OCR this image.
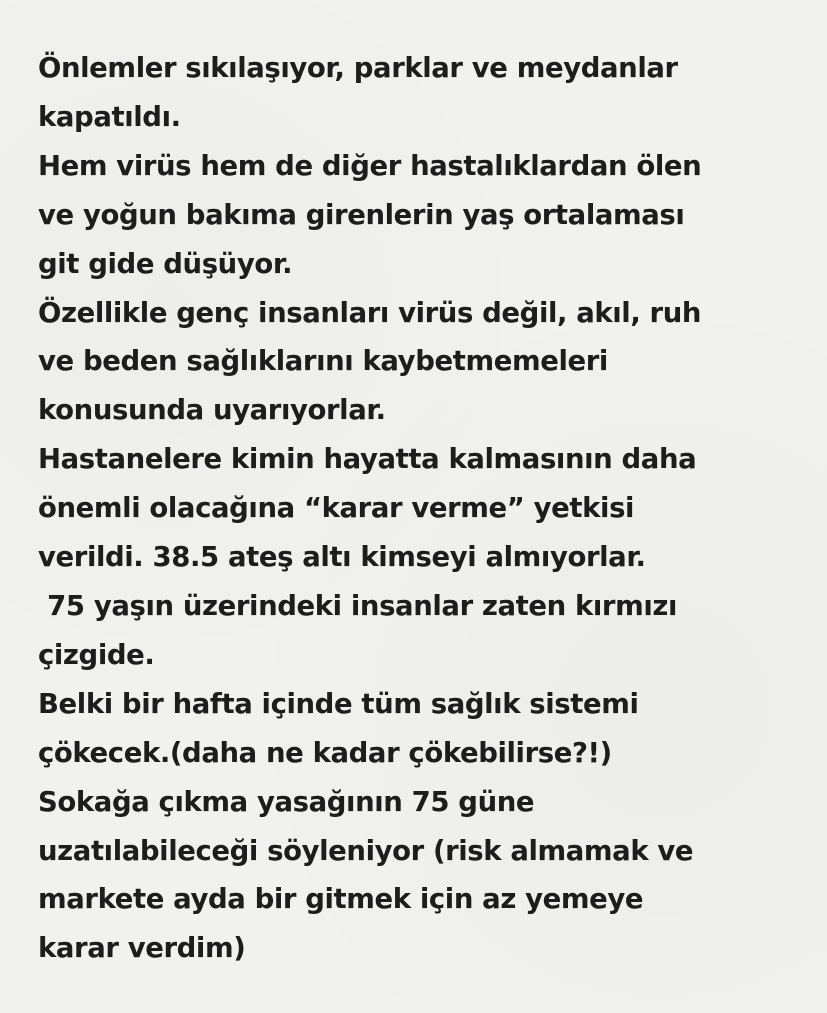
Önlemler sıkılaşıyor, parklar ve meydanlar
kapatıldı.
Hem virüs hem de diğer hastalıklardan ölen
ve yoğun bakıma girenlerin yaş ortalaması
git gide düşüyor.
Özellikle genç insanları virüs değil, akıl, ruh
ve beden sağlıklarını kaybetmemeleri
konusunda uyarıyorlar.
Hastanelere kimin hayatta kalmasının daha
önemli olacağına “karar verme” yetkisi
verildi. 38.5 ateş altı kimseyi almıyorlar.
75 yaşın üzerindeki insanlar zaten kırmızı
çizgide.
Belki bir hafta içinde tüm sağlık sistemi
çökecek.(daha ne kadar çökebilirse?!)
Sokağa çıkma yasağının 75 güne
uzatılabileceği söyleniyor (risk almamak ve
markete ayda bir gitmek için az yemeye
karar verdim)
